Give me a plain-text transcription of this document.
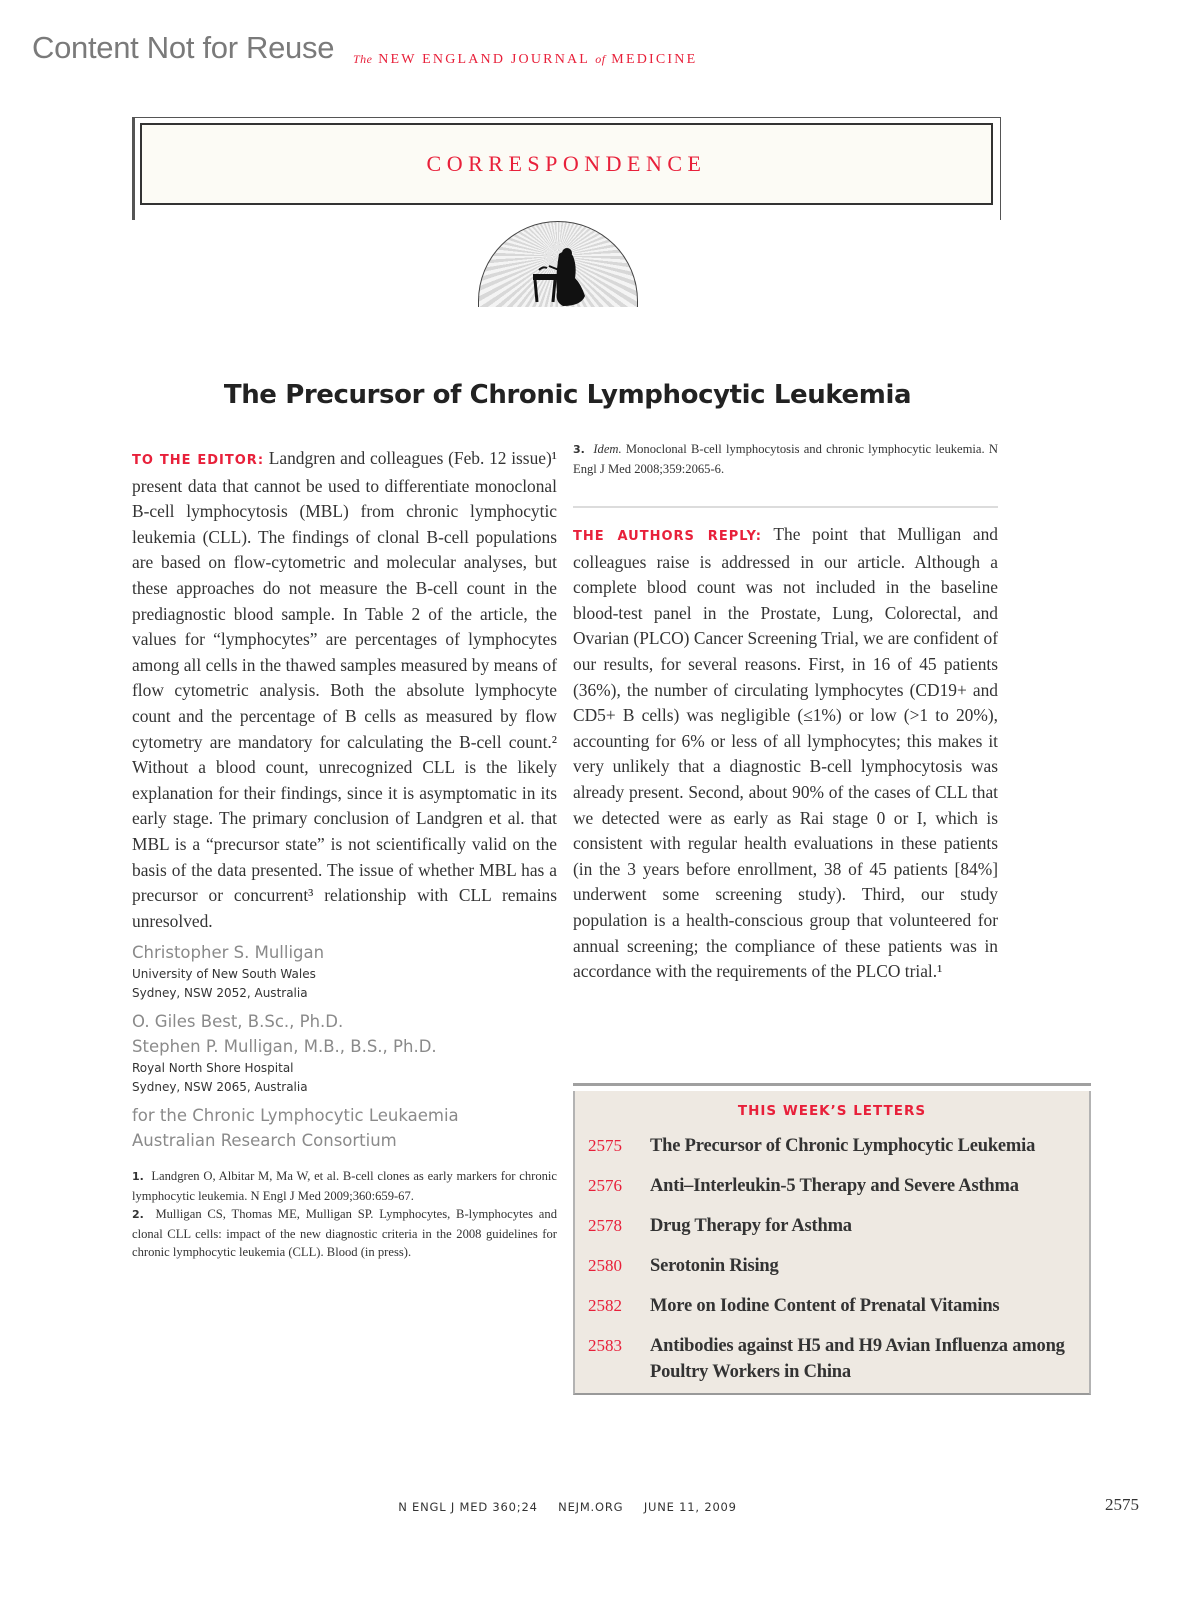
Content Not for Reuse The NEW ENGLAND JOURNAL of MEDICINE
CORRESPONDENCE
The Precursor of Chronic Lymphocytic Leukemia

TO THE EDITOR: Landgren and colleagues (Feb. 12 issue)¹ present data that cannot be used to differentiate monoclonal B-cell lymphocytosis (MBL) from chronic lymphocytic leukemia (CLL). The findings of clonal B-cell populations are based on flow-cytometric and molecular analyses, but these approaches do not measure the B-cell count in the prediagnostic blood sample. In Table 2 of the article, the values for “lymphocytes” are percentages of lymphocytes among all cells in the thawed samples measured by means of flow cytometric analysis. Both the absolute lymphocyte count and the percentage of B cells as measured by flow cytometry are mandatory for calculating the B-cell count.² Without a blood count, unrecognized CLL is the likely explanation for their findings, since it is asymptomatic in its early stage. The primary conclusion of Landgren et al. that MBL is a “precursor state” is not scientifically valid on the basis of the data presented. The issue of whether MBL has a precursor or concurrent³ relationship with CLL remains unresolved.

Christopher S. Mulligan
University of New South Wales
Sydney, NSW 2052, Australia
O. Giles Best, B.Sc., Ph.D.
Stephen P. Mulligan, M.B., B.S., Ph.D.
Royal North Shore Hospital
Sydney, NSW 2065, Australia
for the Chronic Lymphocytic Leukaemia
Australian Research Consortium

1. Landgren O, Albitar M, Ma W, et al. B-cell clones as early markers for chronic lymphocytic leukemia. N Engl J Med 2009;360:659-67.

2. Mulligan CS, Thomas ME, Mulligan SP. Lymphocytes, B-lymphocytes and clonal CLL cells: impact of the new diagnostic criteria in the 2008 guidelines for chronic lymphocytic leukemia (CLL). Blood (in press).

3. Idem. Monoclonal B-cell lymphocytosis and chronic lymphocytic leukemia. N Engl J Med 2008;359:2065-6.

THE AUTHORS REPLY: The point that Mulligan and colleagues raise is addressed in our article. Although a complete blood count was not included in the baseline blood-test panel in the Prostate, Lung, Colorectal, and Ovarian (PLCO) Cancer Screening Trial, we are confident of our results, for several reasons. First, in 16 of 45 patients (36%), the number of circulating lymphocytes (CD19+ and CD5+ B cells) was negligible (≤1%) or low (>1 to 20%), accounting for 6% or less of all lymphocytes; this makes it very unlikely that a diagnostic B-cell lymphocytosis was already present. Second, about 90% of the cases of CLL that we detected were as early as Rai stage 0 or I, which is consistent with regular health evaluations in these patients (in the 3 years before enrollment, 38 of 45 patients [84%] underwent some screening study). Third, our study population is a health-conscious group that volunteered for annual screening; the compliance of these patients was in accordance with the requirements of the PLCO trial.¹

THIS WEEK’S LETTERS
2575	The Precursor of Chronic Lymphocytic Leukemia
2576	Anti–Interleukin-5 Therapy and Severe Asthma
2578	Drug Therapy for Asthma
2580	Serotonin Rising
2582	More on Iodine Content of Prenatal Vitamins
2583	Antibodies against H5 and H9 Avian Influenza among Poultry Workers in China
N ENGL J MED 360;24 NEJM.ORG JUNE 11, 2009	2575
